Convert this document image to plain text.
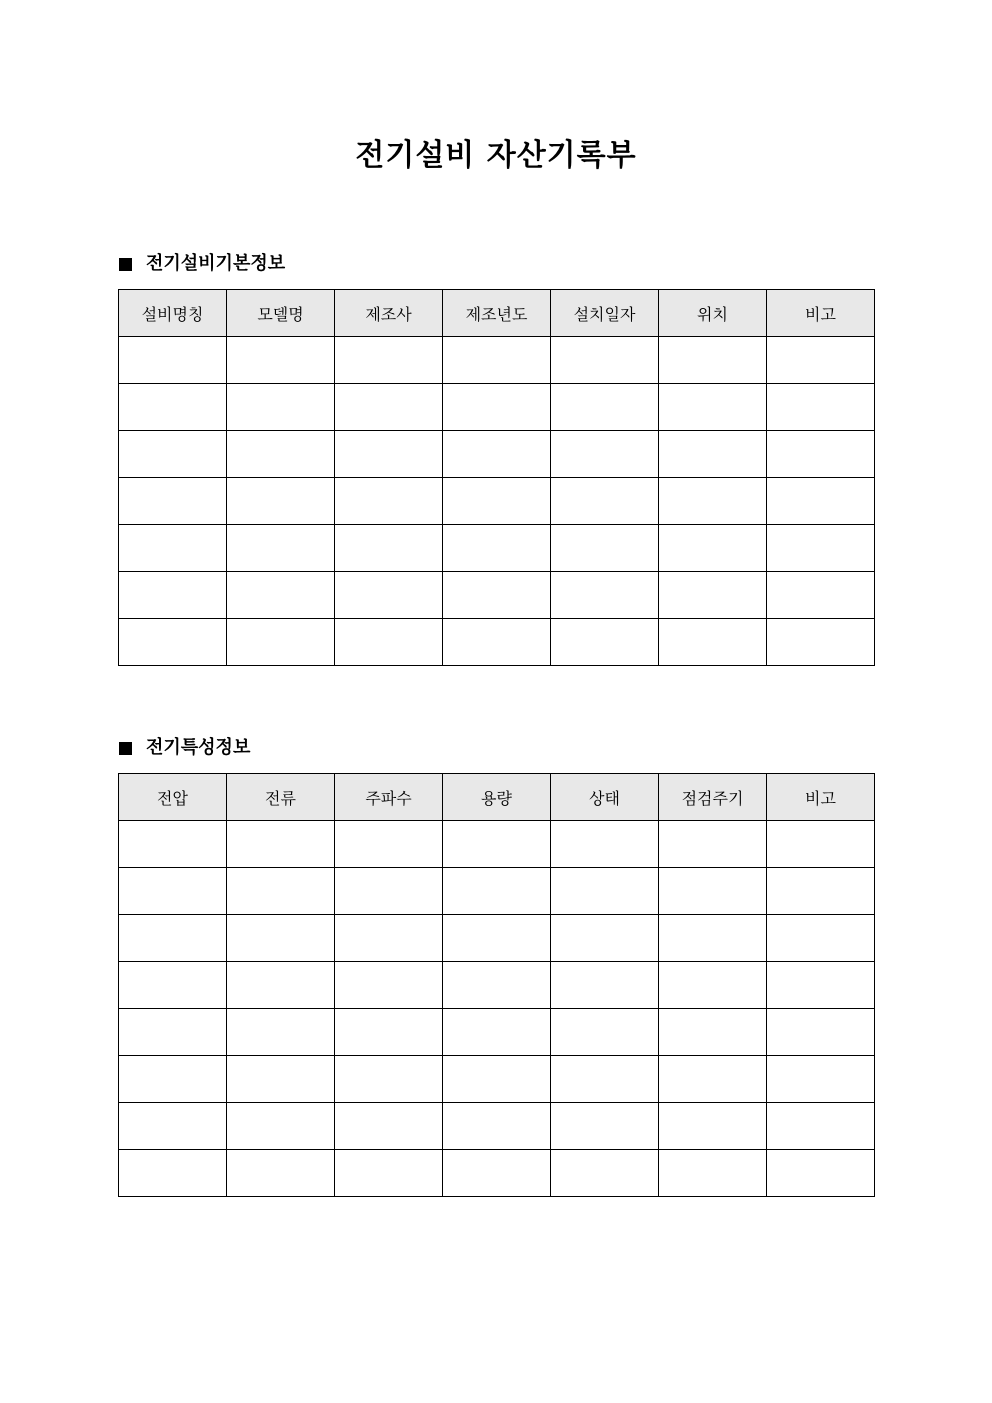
전기설비 자산기록부
전기설비기본정보
설비명칭	모델명	제조사	제조년도	설치일자	위치	비고

전기특성정보
전압	전류	주파수	용량	상태	점검주기	비고
